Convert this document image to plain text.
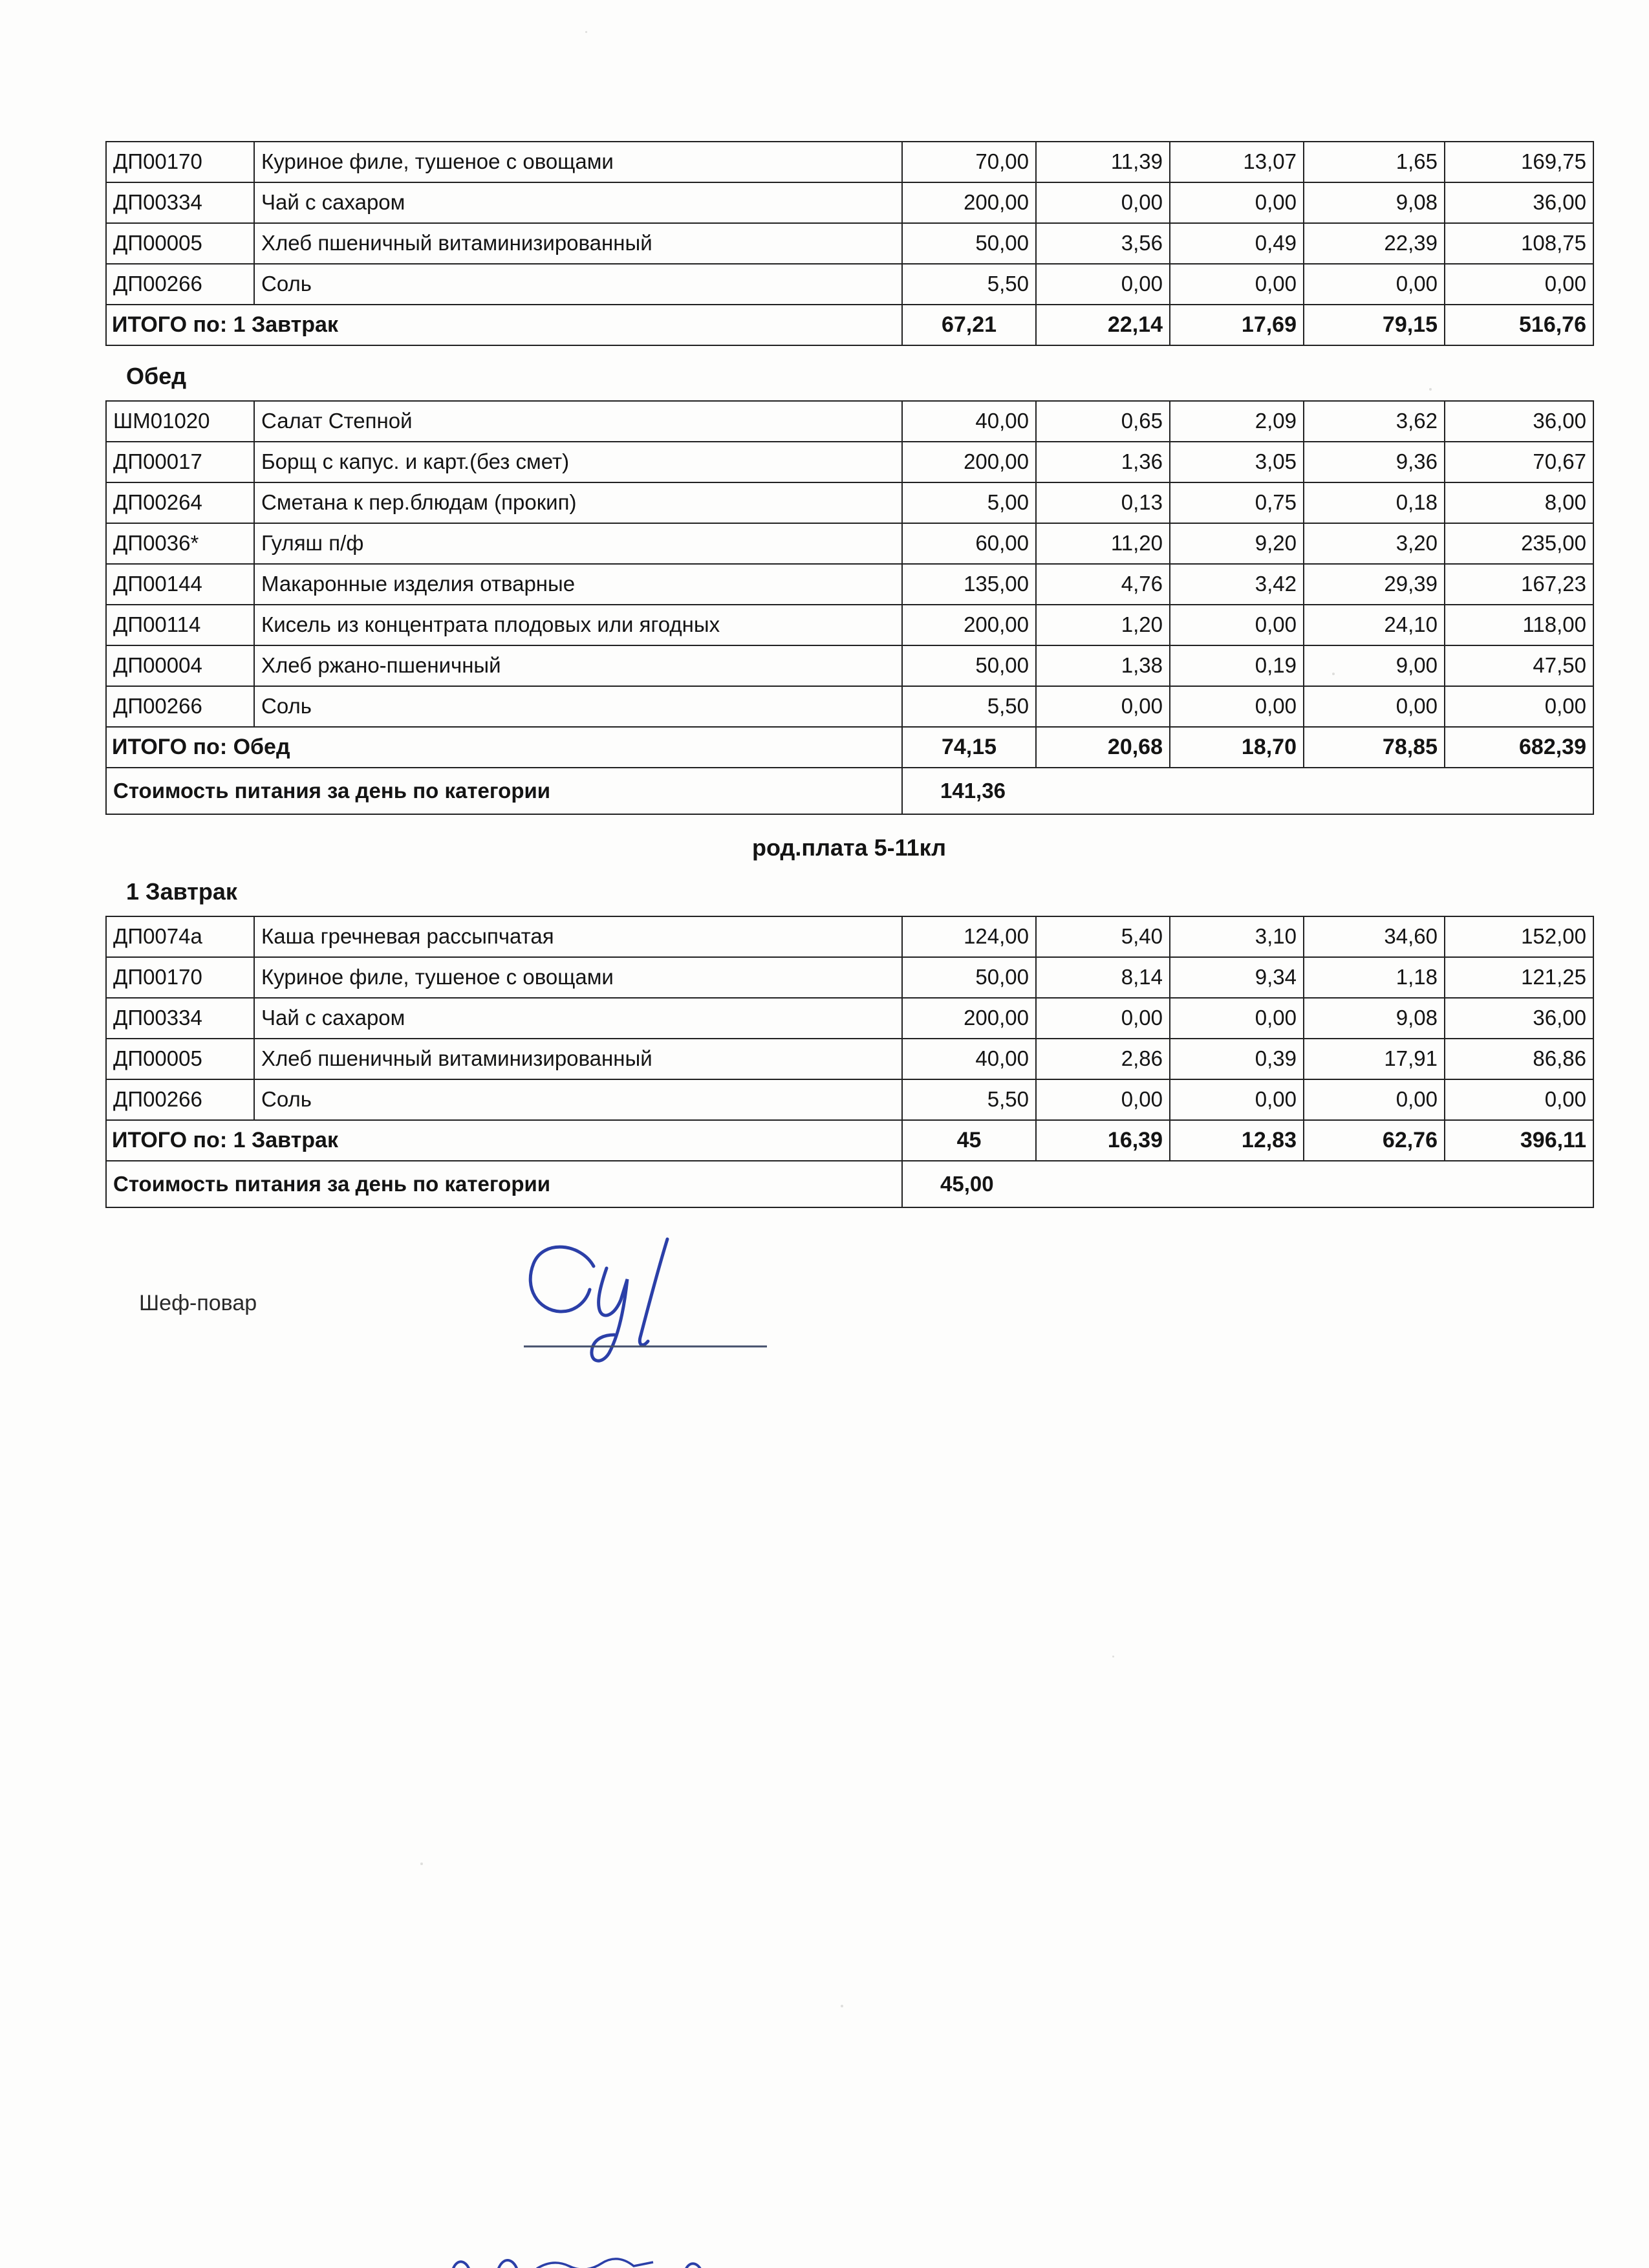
ДП00170	Куриное филе, тушеное с овощами	70,00	11,39	13,07	1,65	169,75
ДП00334	Чай с сахаром	200,00	0,00	0,00	9,08	36,00
ДП00005	Хлеб пшеничный витаминизированный	50,00	3,56	0,49	22,39	108,75
ДП00266	Соль	5,50	0,00	0,00	0,00	0,00
ИТОГО по: 1 Завтрак		67,21	22,14	17,69	79,15	516,76
Обед
ШМ01020	Салат Степной	40,00	0,65	2,09	3,62	36,00
ДП00017	Борщ с капус. и карт.(без смет)	200,00	1,36	3,05	9,36	70,67
ДП00264	Сметана к пер.блюдам (прокип)	5,00	0,13	0,75	0,18	8,00
ДП0036*	Гуляш п/ф	60,00	11,20	9,20	3,20	235,00
ДП00144	Макаронные изделия отварные	135,00	4,76	3,42	29,39	167,23
ДП00114	Кисель из концентрата плодовых или ягодных	200,00	1,20	0,00	24,10	118,00
ДП00004	Хлеб ржано-пшеничный	50,00	1,38	0,19	9,00	47,50
ДП00266	Соль	5,50	0,00	0,00	0,00	0,00
ИТОГО по: Обед		74,15	20,68	18,70	78,85	682,39
Стоимость питания за день по категории		141,36				
род.плата 5-11кл
1 Завтрак
ДП0074а	Каша гречневая рассыпчатая	124,00	5,40	3,10	34,60	152,00
ДП00170	Куриное филе, тушеное с овощами	50,00	8,14	9,34	1,18	121,25
ДП00334	Чай с сахаром	200,00	0,00	0,00	9,08	36,00
ДП00005	Хлеб пшеничный витаминизированный	40,00	2,86	0,39	17,91	86,86
ДП00266	Соль	5,50	0,00	0,00	0,00	0,00
ИТОГО по: 1 Завтрак		45	16,39	12,83	62,76	396,11
Стоимость питания за день по категории		45,00				
Шеф-повар
